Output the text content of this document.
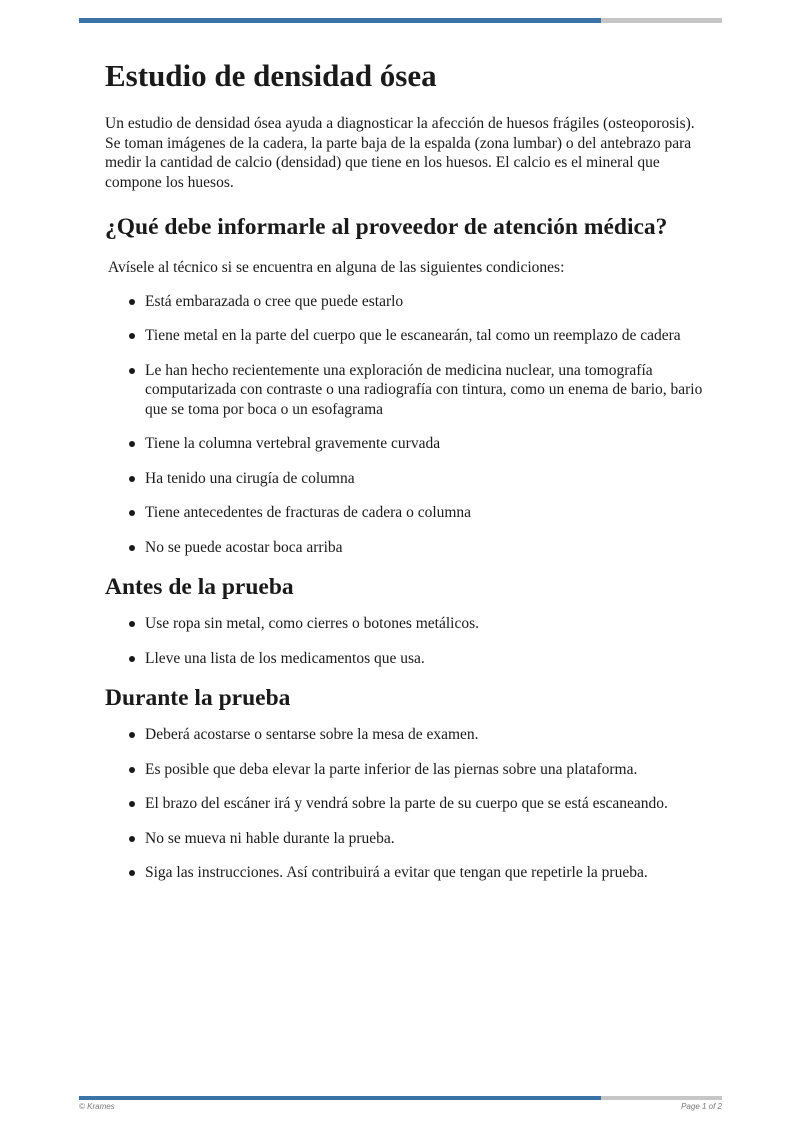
Estudio de densidad ósea

Un estudio de densidad ósea ayuda a diagnosticar la afección de huesos frágiles (osteoporosis). Se toman imágenes de la cadera, la parte baja de la espalda (zona lumbar) o del antebrazo para medir la cantidad de calcio (densidad) que tiene en los huesos. El calcio es el mineral que compone los huesos.

¿Qué debe informarle al proveedor de atención médica?

Avísele al técnico si se encuentra en alguna de las siguientes condiciones:

Está embarazada o cree que puede estarlo
Tiene metal en la parte del cuerpo que le escanearán, tal como un reemplazo de cadera
Le han hecho recientemente una exploración de medicina nuclear, una tomografía computarizada con contraste o una radiografía con tintura, como un enema de bario, bario que se toma por boca o un esofagrama
Tiene la columna vertebral gravemente curvada
Ha tenido una cirugía de columna
Tiene antecedentes de fracturas de cadera o columna
No se puede acostar boca arriba
Antes de la prueba
Use ropa sin metal, como cierres o botones metálicos.
Lleve una lista de los medicamentos que usa.
Durante la prueba
Deberá acostarse o sentarse sobre la mesa de examen.
Es posible que deba elevar la parte inferior de las piernas sobre una plataforma.
El brazo del escáner irá y vendrá sobre la parte de su cuerpo que se está escaneando.
No se mueva ni hable durante la prueba.
Siga las instrucciones. Así contribuirá a evitar que tengan que repetirle la prueba.
© Krames	Page 1 of 2
